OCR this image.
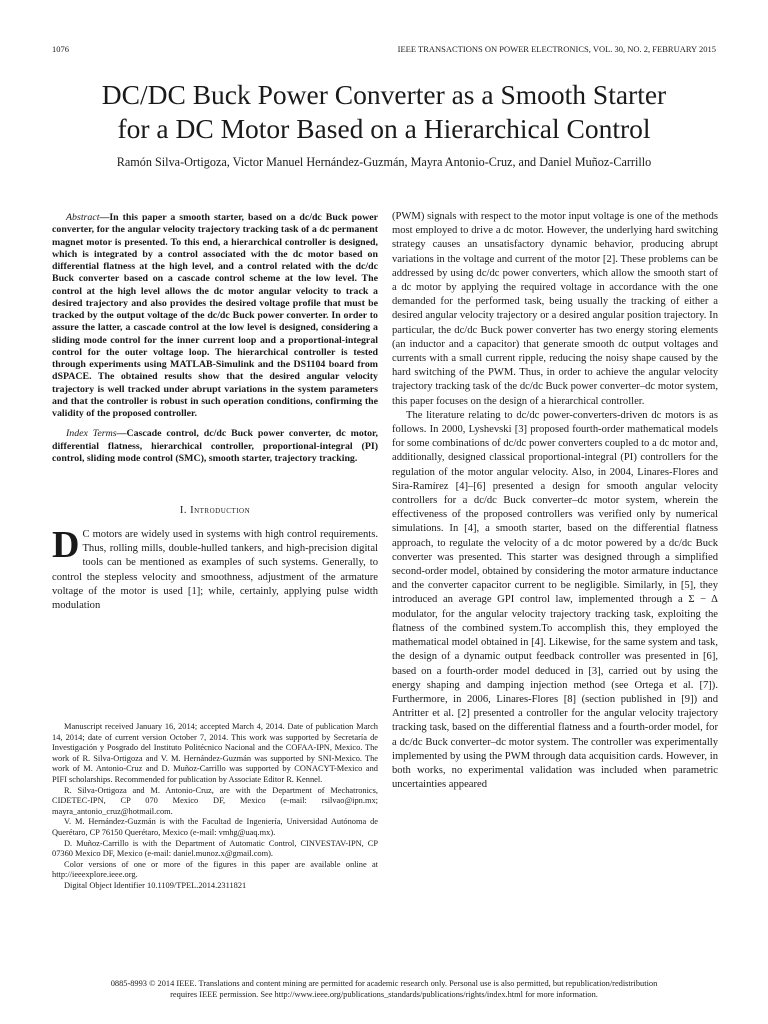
1076	IEEE TRANSACTIONS ON POWER ELECTRONICS, VOL. 30, NO. 2, FEBRUARY 2015
DC/DC Buck Power Converter as a Smooth Starter
for a DC Motor Based on a Hierarchical Control
Ramón Silva-Ortigoza, Victor Manuel Hernández-Guzmán, Mayra Antonio-Cruz, and Daniel Muñoz-Carrillo

Abstract—In this paper a smooth starter, based on a dc/dc Buck power converter, for the angular velocity trajectory tracking task of a dc permanent magnet motor is presented. To this end, a hierarchical controller is designed, which is integrated by a control associated with the dc motor based on differential flatness at the high level, and a control related with the dc/dc Buck converter based on a cascade control scheme at the low level. The control at the high level allows the dc motor angular velocity to track a desired trajectory and also provides the desired voltage profile that must be tracked by the output voltage of the dc/dc Buck power converter. In order to assure the latter, a cascade control at the low level is designed, considering a sliding mode control for the inner current loop and a proportional-integral control for the outer voltage loop. The hierarchical controller is tested through experiments using MATLAB-Simulink and the DS1104 board from dSPACE. The obtained results show that the desired angular velocity trajectory is well tracked under abrupt variations in the system parameters and that the controller is robust in such operation conditions, confirming the validity of the proposed controller.

Index Terms—Cascade control, dc/dc Buck power converter, dc motor, differential flatness, hierarchical controller, proportional-integral (PI) control, sliding mode control (SMC), smooth starter, trajectory tracking.

I. Introduction

D C motors are widely used in systems with high control requirements. Thus, rolling mills, double-hulled tankers, and high-precision digital tools can be mentioned as examples of such systems. Generally, to control the stepless velocity and smoothness, adjustment of the armature voltage of the motor is used [1]; while, certainly, applying pulse width modulation

Manuscript received January 16, 2014; accepted March 4, 2014. Date of publication March 14, 2014; date of current version October 7, 2014. This work was supported by Secretaría de Investigación y Posgrado del Instituto Politécnico Nacional and the COFAA-IPN, Mexico. The work of R. Silva-Ortigoza and V. M. Hernández-Guzmán was supported by SNI-Mexico. The work of M. Antonio-Cruz and D. Muñoz-Carrillo was supported by CONACYT-Mexico and PIFI scholarships. Recommended for publication by Associate Editor R. Kennel.

R. Silva-Ortigoza and M. Antonio-Cruz, are with the Department of Mechatronics, CIDETEC-IPN, CP 070 Mexico DF, Mexico (e-mail: rsilvao@ipn.mx; mayra_antonio_cruz@hotmail.com.

V. M. Hernández-Guzmán is with the Facultad de Ingeniería, Universidad Autónoma de Querétaro, CP 76150 Querétaro, Mexico (e-mail: vmhg@uaq.mx).

D. Muñoz-Carrillo is with the Department of Automatic Control, CINVESTAV-IPN, CP 07360 Mexico DF, Mexico (e-mail: daniel.munoz.x@gmail.com).

Color versions of one or more of the figures in this paper are available online at http://ieeexplore.ieee.org.

Digital Object Identifier 10.1109/TPEL.2014.2311821

(PWM) signals with respect to the motor input voltage is one of the methods most employed to drive a dc motor. However, the underlying hard switching strategy causes an unsatisfactory dynamic behavior, producing abrupt variations in the voltage and current of the motor [2]. These problems can be addressed by using dc/dc power converters, which allow the smooth start of a dc motor by applying the required voltage in accordance with the one demanded for the performed task, being usually the tracking of either a desired angular velocity trajectory or a desired angular position trajectory. In particular, the dc/dc Buck power converter has two energy storing elements (an inductor and a capacitor) that generate smooth dc output voltages and currents with a small current ripple, reducing the noisy shape caused by the hard switching of the PWM. Thus, in order to achieve the angular velocity trajectory tracking task of the dc/dc Buck power converter–dc motor system, this paper focuses on the design of a hierarchical controller.

The literature relating to dc/dc power-converters-driven dc motors is as follows. In 2000, Lyshevski [3] proposed fourth-order mathematical models for some combinations of dc/dc power converters coupled to a dc motor and, additionally, designed classical proportional-integral (PI) controllers for the regulation of the motor angular velocity. Also, in 2004, Linares-Flores and Sira-Ramírez [4]–[6] presented a design for smooth angular velocity controllers for a dc/dc Buck converter–dc motor system, wherein the effectiveness of the proposed controllers was verified only by numerical simulations. In [4], a smooth starter, based on the differential flatness approach, to regulate the velocity of a dc motor powered by a dc/dc Buck converter was presented. This starter was designed through a simplified second-order model, obtained by considering the motor armature inductance and the converter capacitor current to be negligible. Similarly, in [5], they introduced an average GPI control law, implemented through a Σ − Δ modulator, for the angular velocity trajectory tracking task, exploiting the flatness of the combined system.To accomplish this, they employed the mathematical model obtained in [4]. Likewise, for the same system and task, the design of a dynamic output feedback controller was presented in [6], based on a fourth-order model deduced in [3], carried out by using the energy shaping and damping injection method (see Ortega et al. [7]). Furthermore, in 2006, Linares-Flores [8] (section published in [9]) and Antritter et al. [2] presented a controller for the angular velocity trajectory tracking task, based on the differential flatness and a fourth-order model, for a dc/dc Buck converter–dc motor system. The controller was experimentally implemented by using the PWM through data acquisition cards. However, in both works, no experimental validation was included when parametric uncertainties appeared

0885-8993 © 2014 IEEE. Translations and content mining are permitted for academic research only. Personal use is also permitted, but republication/redistribution
requires IEEE permission. See http://www.ieee.org/publications_standards/publications/rights/index.html for more information.
